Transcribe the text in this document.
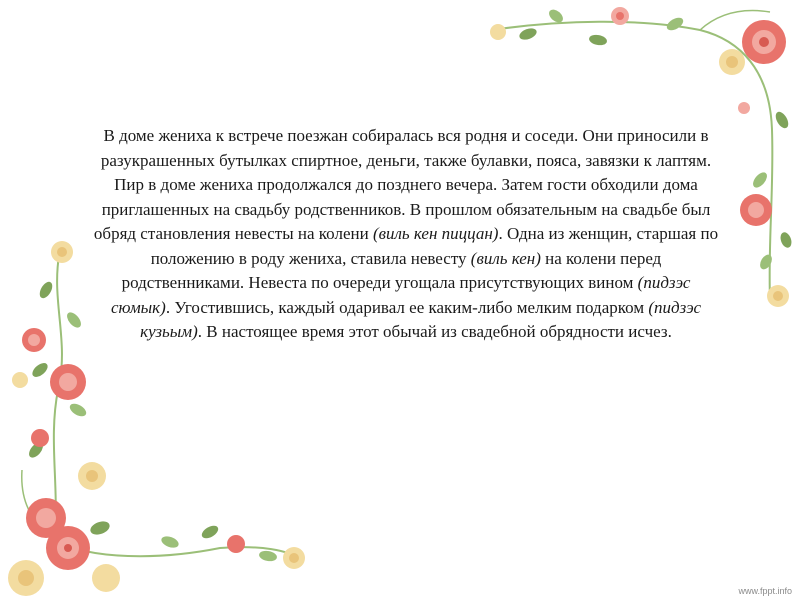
В доме жениха к встрече поезжан собиралась вся родня и соседи. Они приносили в разукрашенных бутылках спиртное, деньги, также булавки, пояса, завязки к лаптям. Пир в доме жениха продолжался до позднего вечера. Затем гости обходили дома приглашенных на свадьбу родственников. В прошлом обязательным на свадьбе был обряд становления невесты на колени (виль кен пиццан). Одна из женщин, старшая по положению в роду жениха, ставила невесту (виль кен) на колени перед родственниками. Невеста по очереди угощала присутствующих вином (пидзэс сюмык). Угостившись, каждый одаривал ее каким-либо мелким подарком (пидзэс кузьым). В настоящее время этот обычай из свадебной обрядности исчез.
www.fppt.info
